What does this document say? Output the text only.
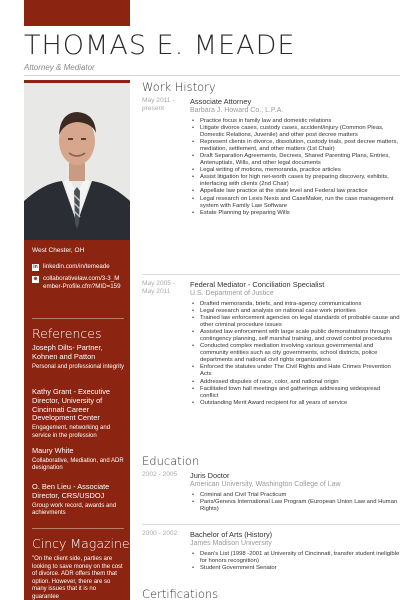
THOMAS E. MEADE
Attorney & Mediator
West Chester, OH
in linkedin.com/in/temeade
⊕ collaborativelaw.com/3-3_Member-Profile.cfm?MID=159
References
Joseph Dilts- Partner, Kohnen and Patton
Personal and professional integrity
Kathy Grant - Executive Director, University of Cincinnati Career Development Center
Engagement, networking and service in the profession
Maury White
Collaborative, Mediation, and ADR designation
O. Ben Lieu - Associate Director, CRS/USDOJ
Group work record, awards and achievments
Cincy Magazine
"On the client side, parties are looking to save money on the cost of divorce. ADR offers them that option. However, there are so many issues that it is no guarantee
Work History
May 2011 - present
Associate Attorney
Barbara J. Howard Co., L.P.A.
• Practice focus in family law and domestic relations
• Litigate divorce cases, custody cases, accident/injury (Common Pleas, Domestic Relations, Juvenile) and other post decree matters
• Represent clients in divorce, dissolution, custody trials, post decree matters, mediation, settlement, and other matters (1st Chair)
• Draft Separation Agreements, Decrees, Shared Parenting Plans, Entries, Antenuptials, Wills, and other legal documents
• Legal writing of motions, memoranda, practice articles
• Assist litigation for high net-worth cases by preparing discovery, exhibits, interfacing with clients (2nd Chair)
• Appellate law practice at the state level and Federal law practice
• Legal research on Lexis Nexis and CaseMaker, run the case management system with Family Law Software
• Estate Planning by preparing Wills
May 2005 - May 2011
Federal Mediator - Conciliation Specialist
U.S. Department of Justice
• Drafted memoranda, briefs, and intra-agency communications
• Legal research and analysis on national case work priorities
• Trained law enforcement agencies on legal standards of probable cause and other criminal procedure issues
• Assisted law enforcement with large scale public demonstrations through contingency planning, self marshal training, and crowd control procedures
• Conducted complex mediation involving various governmental and community entities such as city governments, school districts, police departments and national civil rights organizations
• Enforced the statutes under The Civil Rights and Hate Crimes Prevention Acts
• Addressed disputes of race, color, and national origin
• Facilitated town hall meetings and gatherings addressing widespread conflict
• Outstanding Merit Award recipient for all years of service
Education
2002 - 2005	Juris Doctor
American University, Washington College of Law
• Criminal and Civil Trial Practicum
• Paris/Geneva International Law Program (European Union Law and Human Rights)
2000 - 2002	Bachelor of Arts (History)
James Madison University
• Dean's List (1998 -2001 at University of Cincinnati, transfer student ineligible for honors recognition)
• Student Government Senator
Certifications
